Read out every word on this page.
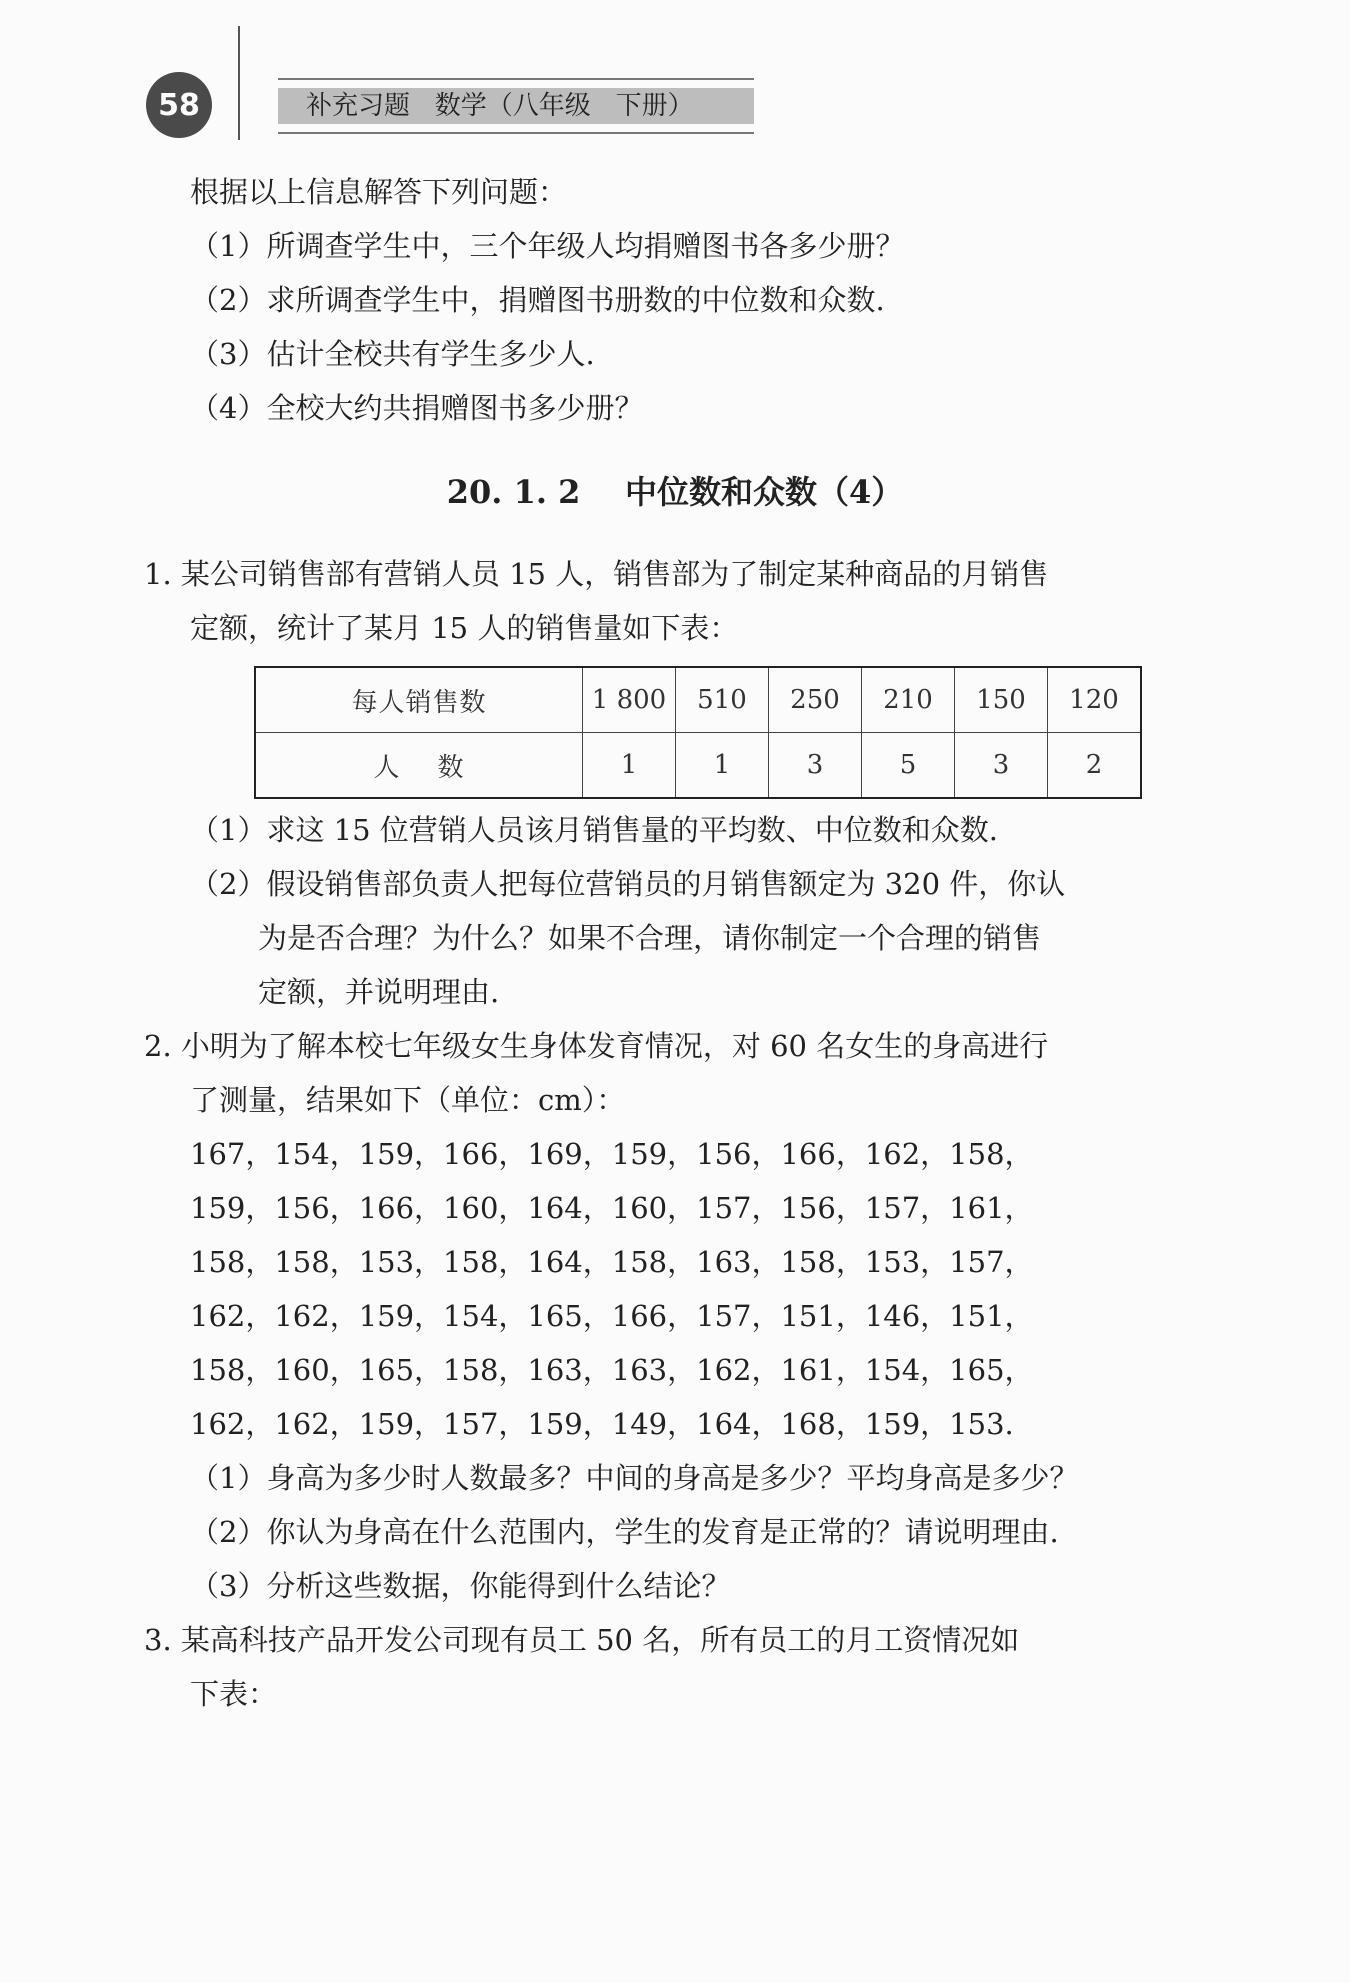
58	补充习题   数学（八年级   下册）
根据以上信息解答下列问题：
（1）所调查学生中，三个年级人均捐赠图书各多少册？
（2）求所调查学生中，捐赠图书册数的中位数和众数.
（3）估计全校共有学生多少人.
（4）全校大约共捐赠图书多少册？
20. 1. 2    中位数和众数（4）
1. 某公司销售部有营销人员 15 人，销售部为了制定某种商品的月销售
定额，统计了某月 15 人的销售量如下表：
每人销售数	1 800	510	250	210	150	120
人    数	1	1	3	5	3	2
（1）求这 15 位营销人员该月销售量的平均数、中位数和众数.
（2）假设销售部负责人把每位营销员的月销售额定为 320 件，你认
为是否合理？为什么？如果不合理，请你制定一个合理的销售
定额，并说明理由.
2. 小明为了解本校七年级女生身体发育情况，对 60 名女生的身高进行
了测量，结果如下（单位：cm）：
167，154，159，166，169，159，156，166，162，158，
159，156，166，160，164，160，157，156，157，161，
158，158，153，158，164，158，163，158，153，157，
162，162，159，154，165，166，157，151，146，151，
158，160，165，158，163，163，162，161，154，165，
162，162，159，157，159，149，164，168，159，153.
（1）身高为多少时人数最多？中间的身高是多少？平均身高是多少？
（2）你认为身高在什么范围内，学生的发育是正常的？请说明理由.
（3）分析这些数据，你能得到什么结论？
3. 某高科技产品开发公司现有员工 50 名，所有员工的月工资情况如
下表：
